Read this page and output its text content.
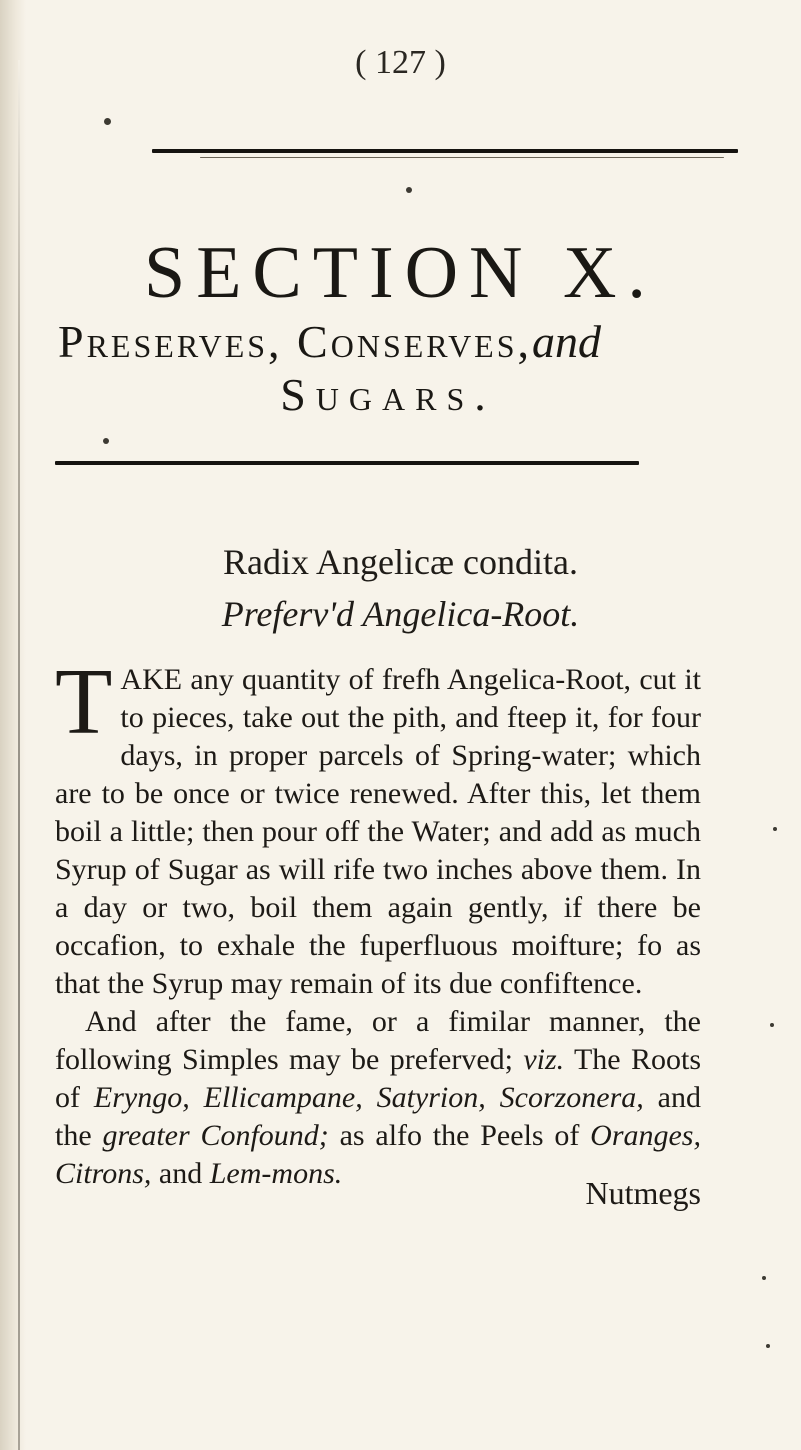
( 127 )
SECTION X.
Preserves, Conserves,and
Sugars.
Radix Angelicæ condita.
Preferv'd Angelica-Root.

TAKE any quantity of frefh Angelica-Root, cut it to pieces, take out the pith, and fteep it, for four days, in proper parcels of Spring-water; which are to be once or twice renewed. After this, let them boil a little; then pour off the Water; and add as much Syrup of Sugar as will rife two inches above them. In a day or two, boil them again gently, if there be occafion, to exhale the fuperfluous moifture; fo as that the Syrup may remain of its due confiftence.

And after the fame, or a fimilar manner, the following Simples may be preferved; viz. The Roots of Eryngo, Ellicampane, Satyrion, Scorzonera, and the greater Confound; as alfo the Peels of Oranges, Citrons, and Lem-mons.

Nutmegs
